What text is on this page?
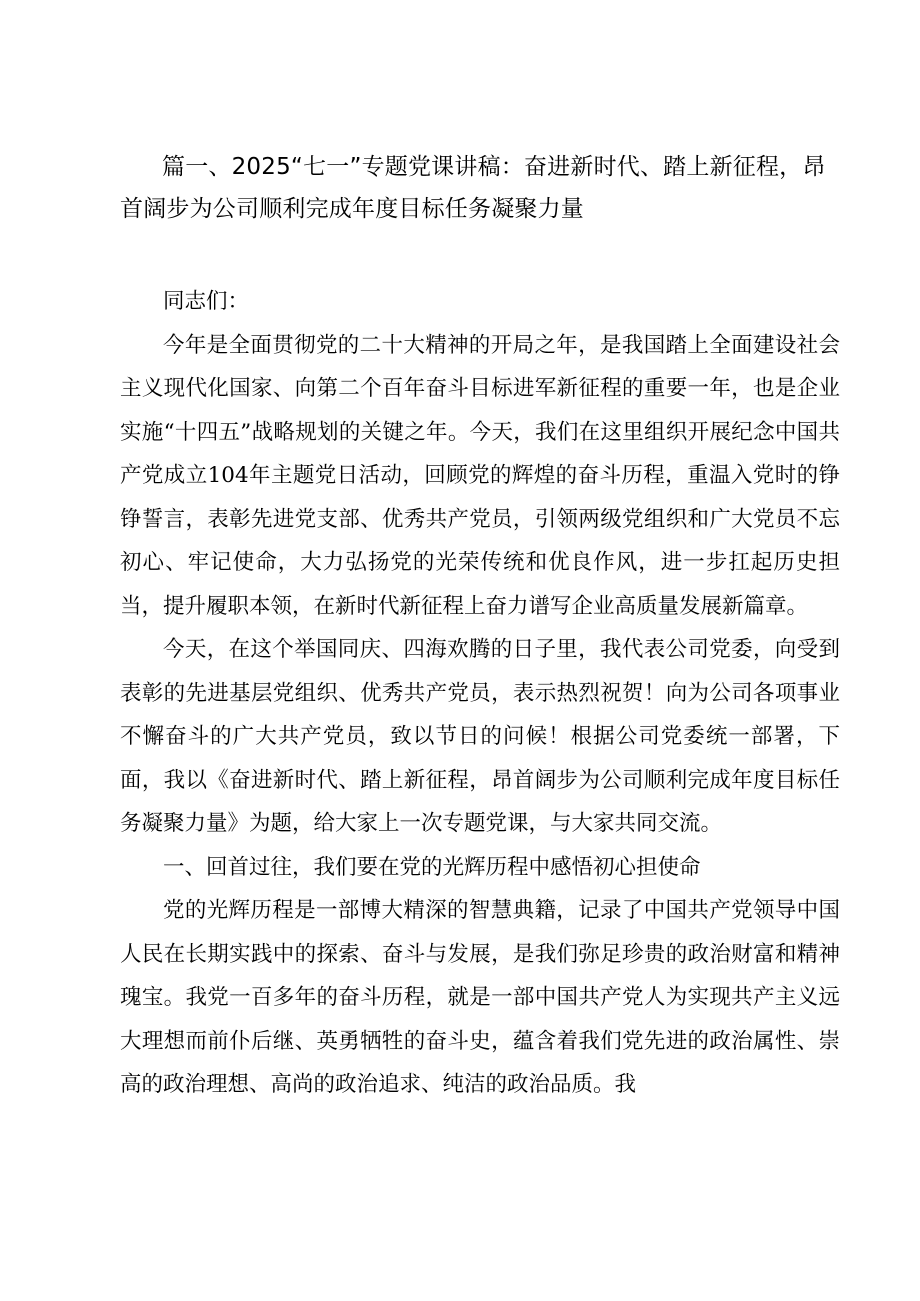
篇一、2025“七一”专题党课讲稿：奋进新时代、踏上新征程，昂首阔步为公司顺利完成年度目标任务凝聚力量

同志们：

今年是全面贯彻党的二十大精神的开局之年，是我国踏上全面建设社会主义现代化国家、向第二个百年奋斗目标进军新征程的重要一年，也是企业实施“十四五”战略规划的关键之年。今天，我们在这里组织开展纪念中国共产党成立104年主题党日活动，回顾党的辉煌的奋斗历程，重温入党时的铮铮誓言，表彰先进党支部、优秀共产党员，引领两级党组织和广大党员不忘初心、牢记使命，大力弘扬党的光荣传统和优良作风，进一步扛起历史担当，提升履职本领，在新时代新征程上奋力谱写企业高质量发展新篇章。

今天，在这个举国同庆、四海欢腾的日子里，我代表公司党委，向受到表彰的先进基层党组织、优秀共产党员，表示热烈祝贺！向为公司各项事业不懈奋斗的广大共产党员，致以节日的问候！根据公司党委统一部署，下面，我以《奋进新时代、踏上新征程，昂首阔步为公司顺利完成年度目标任务凝聚力量》为题，给大家上一次专题党课，与大家共同交流。

一、回首过往，我们要在党的光辉历程中感悟初心担使命

党的光辉历程是一部博大精深的智慧典籍，记录了中国共产党领导中国人民在长期实践中的探索、奋斗与发展，是我们弥足珍贵的政治财富和精神瑰宝。我党一百多年的奋斗历程，就是一部中国共产党人为实现共产主义远大理想而前仆后继、英勇牺牲的奋斗史，蕴含着我们党先进的政治属性、崇高的政治理想、高尚的政治追求、纯洁的政治品质。我
